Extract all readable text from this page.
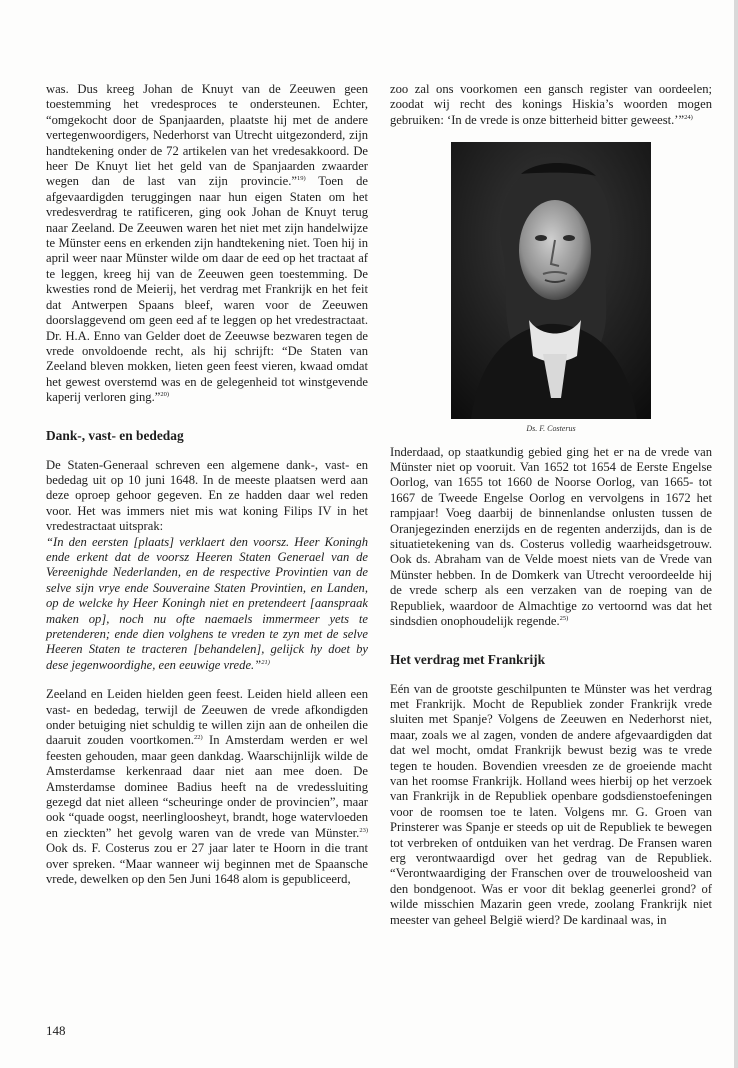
was. Dus kreeg Johan de Knuyt van de Zeeuwen geen toestemming het vredesproces te ondersteunen. Echter, “omgekocht door de Spanjaarden, plaatste hij met de andere vertegenwoordigers, Nederhorst van Utrecht uitgezonderd, zijn handtekening onder de 72 artikelen van het vredesakkoord. De heer De Knuyt liet het geld van de Spanjaarden zwaarder wegen dan de last van zijn provincie.”$^{19)}$ Toen de afgevaardigden teruggingen naar hun eigen Staten om het vredesverdrag te ratificeren, ging ook Johan de Knuyt terug naar Zeeland. De Zeeuwen waren het niet met zijn handelwijze te Münster eens en erkenden zijn handtekening niet. Toen hij in april weer naar Münster wilde om daar de eed op het tractaat af te leggen, kreeg hij van de Zeeuwen geen toestemming. De kwesties rond de Meierij, het verdrag met Frankrijk en het feit dat Antwerpen Spaans bleef, waren voor de Zeeuwen doorslaggevend om geen eed af te leggen op het vredestractaat. Dr. H.A. Enno van Gelder doet de Zeeuwse bezwaren tegen de vrede onvoldoende recht, als hij schrijft: “De Staten van Zeeland bleven mokken, lieten geen feest vieren, kwaad omdat het gewest overstemd was en de gelegenheid tot winstgevende kaperij verloren ging.”$^{20)}$

Dank-, vast- en bededag

De Staten-Generaal schreven een algemene dank-, vast- en bededag uit op 10 juni 1648. In de meeste plaatsen werd aan deze oproep gehoor gegeven. En ze hadden daar wel reden voor. Het was immers niet mis wat koning Filips IV in het vredestractaat uitsprak:

“In den eersten [plaats] verklaert den voorsz. Heer Koningh ende erkent dat de voorsz Heeren Staten Generael van de Vereenighde Nederlanden, en de respective Provintien van de selve sijn vrye ende Souveraine Staten Provintien, en Landen, op de welcke hy Heer Koningh niet en pretendeert [aanspraak maken op], noch nu ofte naemaels immermeer yets te pretenderen; ende dien volghens te vreden te zyn met de selve Heeren Staten te tracteren [behandelen], gelijck hy doet by dese jegenwoordighe, een eeuwige vrede.”$^{21)}$

Zeeland en Leiden hielden geen feest. Leiden hield alleen een vast- en bededag, terwijl de Zeeuwen de vrede afkondigden onder betuiging niet schuldig te willen zijn aan de onheilen die daaruit zouden voortkomen.$^{22)}$ In Amsterdam werden er wel feesten gehouden, maar geen dankdag. Waarschijnlijk wilde de Amsterdamse kerkenraad daar niet aan mee doen. De Amsterdamse dominee Badius heeft na de vredessluiting gezegd dat niet alleen “scheuringe onder de provincien”, maar ook “quade oogst, neerlingloosheyt, brandt, hoge watervloeden en zieckten” het gevolg waren van de vrede van Münster.$^{23)}$ Ook ds. F. Costerus zou er 27 jaar later te Hoorn in die trant over spreken. “Maar wanneer wij beginnen met de Spaansche vrede, dewelken op den 5en Juni 1648 alom is gepubliceerd,

zoo zal ons voorkomen een gansch register van oordeelen; zoodat wij recht des konings Hiskia’s woorden mogen gebruiken: ‘In de vrede is onze bitterheid bitter geweest.’”$^{24)}$

Ds. F. Costerus

Inderdaad, op staatkundig gebied ging het er na de vrede van Münster niet op vooruit. Van 1652 tot 1654 de Eerste Engelse Oorlog, van 1655 tot 1660 de Noorse Oorlog, van 1665- tot 1667 de Tweede Engelse Oorlog en vervolgens in 1672 het rampjaar! Voeg daarbij de binnenlandse onlusten tussen de Oranjegezinden enerzijds en de regenten anderzijds, dan is de situatietekening van ds. Costerus volledig waarheidsgetrouw. Ook ds. Abraham van de Velde moest niets van de Vrede van Münster hebben. In de Domkerk van Utrecht veroordeelde hij de vrede scherp als een verzaken van de roeping van de Republiek, waardoor de Almachtige zo vertoornd was dat het sindsdien onophoudelijk regende.$^{25)}$

Het verdrag met Frankrijk

Eén van de grootste geschilpunten te Münster was het verdrag met Frankrijk. Mocht de Republiek zonder Frankrijk vrede sluiten met Spanje? Volgens de Zeeuwen en Nederhorst niet, maar, zoals we al zagen, vonden de andere afgevaardigden dat dat wel mocht, omdat Frankrijk bewust bezig was te vrede tegen te houden. Bovendien vreesden ze de groeiende macht van het roomse Frankrijk. Holland wees hierbij op het verzoek van Frankrijk in de Republiek openbare godsdienstoefeningen voor de roomsen toe te laten. Volgens mr. G. Groen van Prinsterer was Spanje er steeds op uit de Republiek te bewegen tot verbreken of ontduiken van het verdrag. De Fransen waren erg verontwaardigd over het gedrag van de Republiek. “Verontwaardiging der Franschen over de trouweloosheid van den bondgenoot. Was er voor dit beklag geenerlei grond? of wilde misschien Mazarin geen vrede, zoolang Frankrijk niet meester van geheel België wierd? De kardinaal was, in

148
